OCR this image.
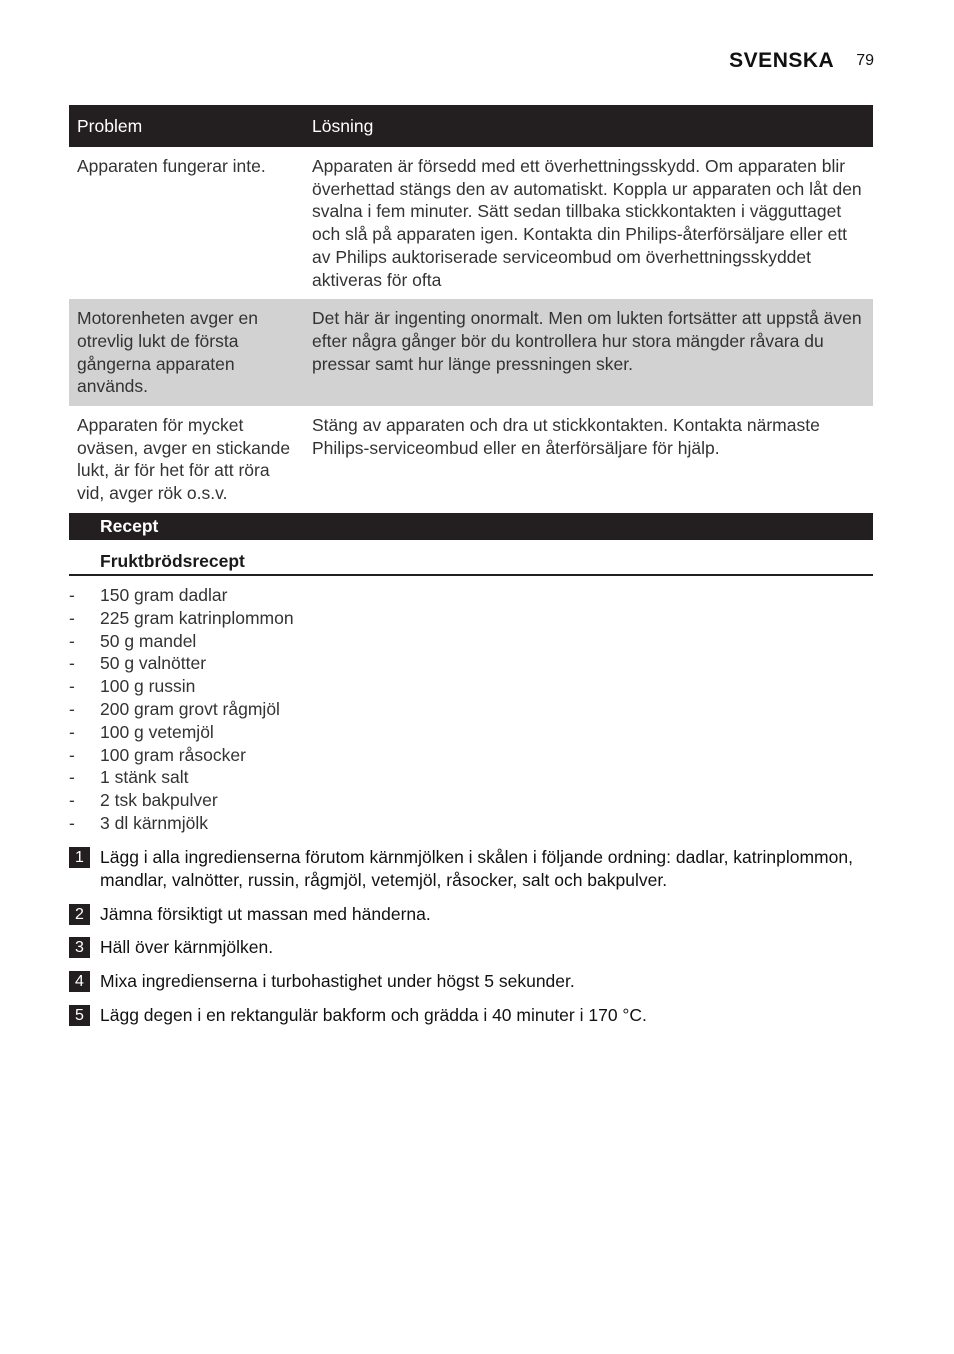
SVENSKA 79
Problem	Lösning
Apparaten fungerar inte.	Apparaten är försedd med ett överhettningsskydd. Om apparaten blir överhettad stängs den av automatiskt. Koppla ur apparaten och låt den svalna i fem minuter. Sätt sedan tillbaka stickkontakten i vägguttaget och slå på apparaten igen. Kontakta din Philips-återförsäljare eller ett av Philips auktoriserade serviceombud om överhettningsskyddet aktiveras för ofta
Motorenheten avger en otrevlig lukt de första gångerna apparaten används.	Det här är ingenting onormalt. Men om lukten fortsätter att uppstå även efter några gånger bör du kontrollera hur stora mängder råvara du pressar samt hur länge pressningen sker.
Apparaten för mycket oväsen, avger en stickande lukt, är för het för att röra vid, avger rök o.s.v.	Stäng av apparaten och dra ut stickkontakten. Kontakta närmaste Philips-serviceombud eller en återförsäljare för hjälp.
Recept
Fruktbrödsrecept
- 150 gram dadlar
- 225 gram katrinplommon
- 50 g mandel
- 50 g valnötter
- 100 g russin
- 200 gram grovt rågmjöl
- 100 g vetemjöl
- 100 gram råsocker
- 1 stänk salt
- 2 tsk bakpulver
- 3 dl kärnmjölk
1 Lägg i alla ingredienserna förutom kärnmjölken i skålen i följande ordning: dadlar, katrinplommon, mandlar, valnötter, russin, rågmjöl, vetemjöl, råsocker, salt och bakpulver.
2 Jämna försiktigt ut massan med händerna.
3 Häll över kärnmjölken.
4 Mixa ingredienserna i turbohastighet under högst 5 sekunder.
5 Lägg degen i en rektangulär bakform och grädda i 40 minuter i 170 °C.
